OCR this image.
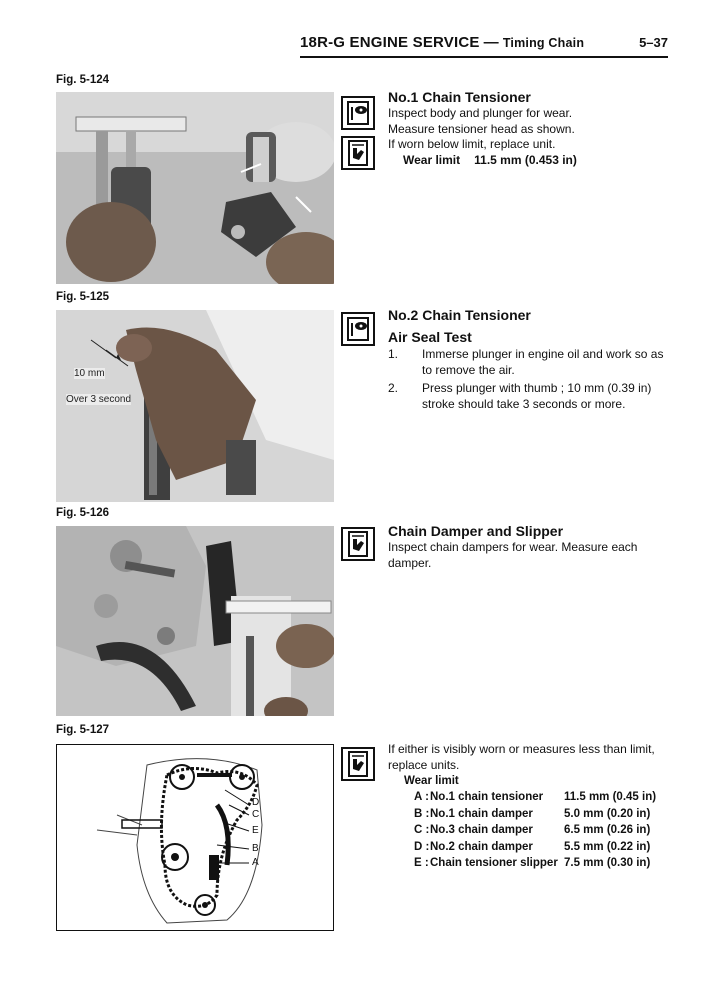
18R-G ENGINE SERVICE — Timing Chain	5–37
Fig. 5-124
No.1 Chain Tensioner
Inspect body and plunger for wear.
Measure tensioner head as shown.
If worn below limit, replace unit.
Wear limit 11.5 mm (0.453 in)
Fig. 5-125
10 mm
Over 3 second
No.2 Chain Tensioner
Air Seal Test
1. Immerse plunger in engine oil and work so as to remove the air.
2. Press plunger with thumb ; 10 mm (0.39 in) stroke should take 3 seconds or more.
Fig. 5-126
Chain Damper and Slipper
Inspect chain dampers for wear. Measure each damper.
Fig. 5-127
D
C
E
B
A
If either is visibly worn or measures less than limit, replace units.
Wear limit
A :	No.1 chain tensioner	11.5 mm (0.45 in)
B :	No.1 chain damper	5.0 mm (0.20 in)
C :	No.3 chain damper	6.5 mm (0.26 in)
D :	No.2 chain damper	5.5 mm (0.22 in)
E :	Chain tensioner slipper	7.5 mm (0.30 in)
